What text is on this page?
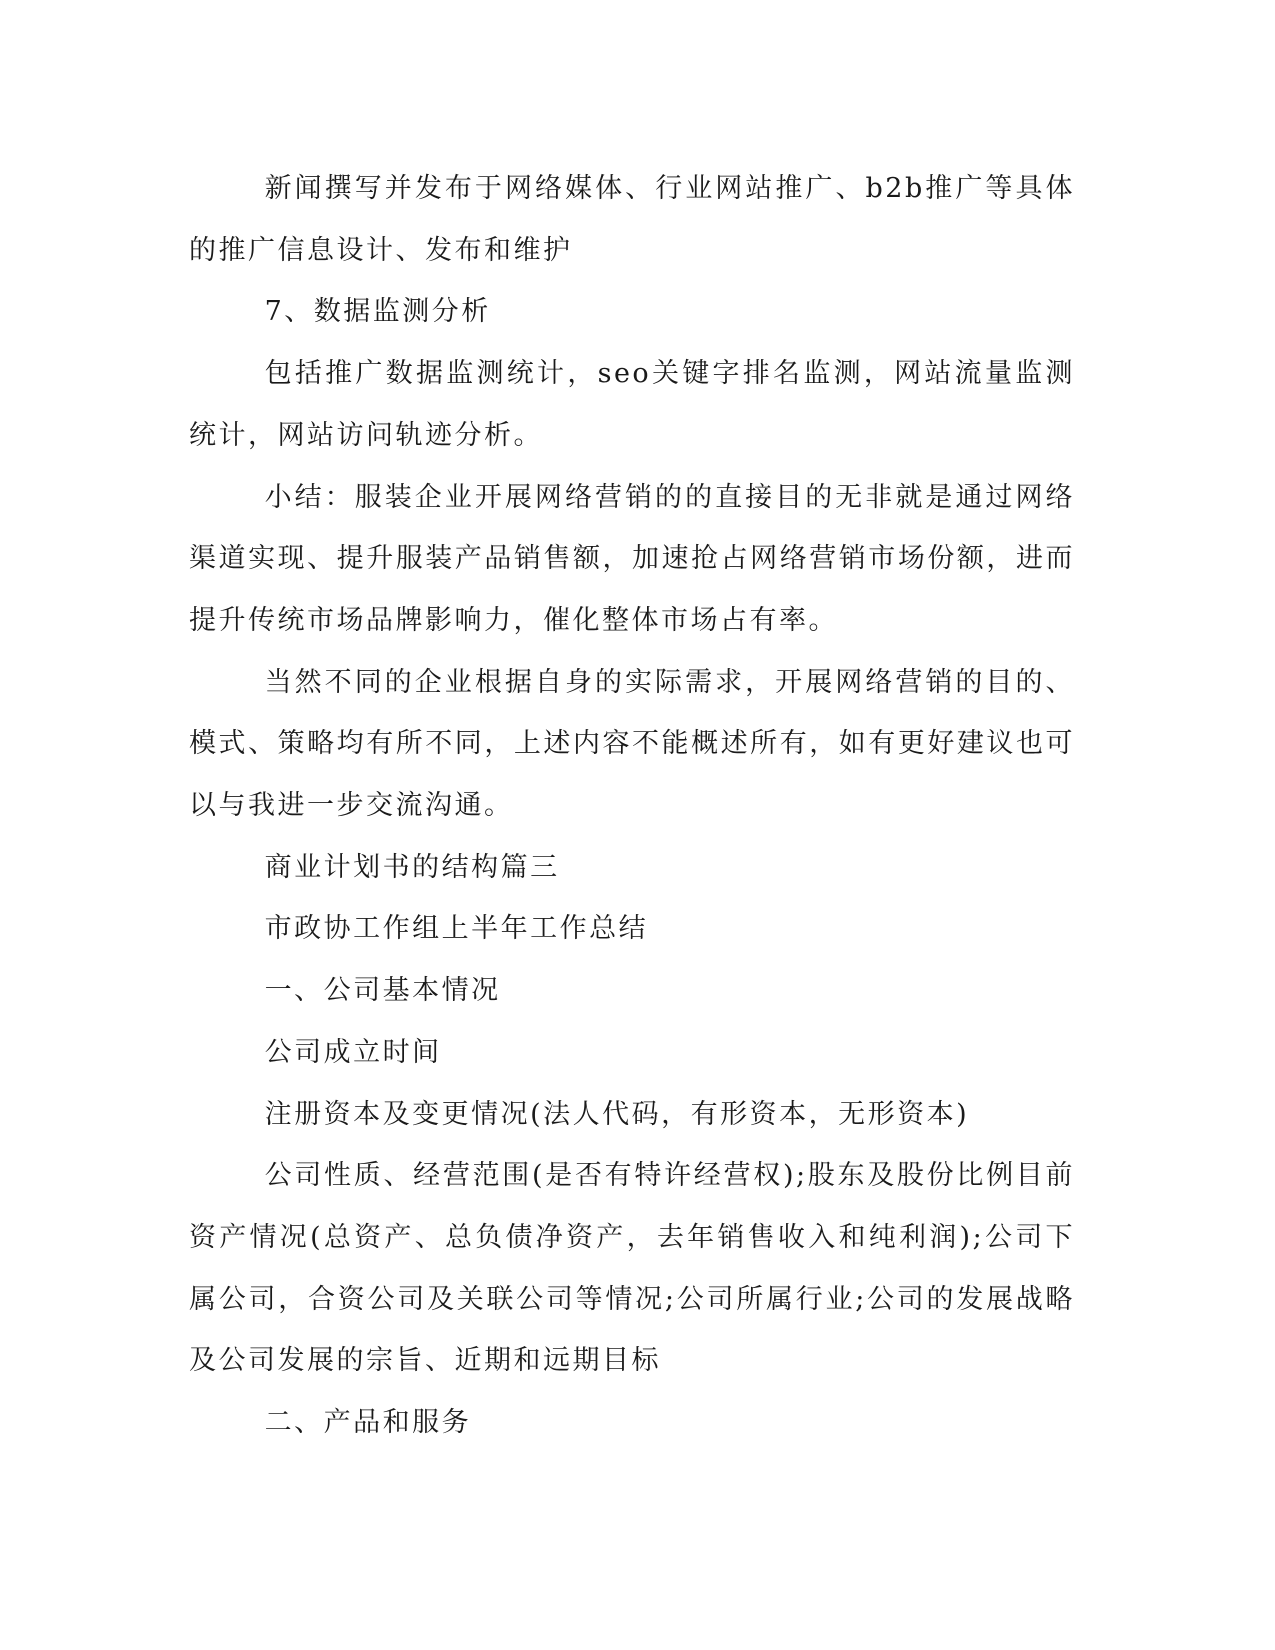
新闻撰写并发布于网络媒体、行业网站推广、b2b推广等具体的推广信息设计、发布和维护

7、数据监测分析

包括推广数据监测统计，seo关键字排名监测，网站流量监测统计，网站访问轨迹分析。

小结：服装企业开展网络营销的的直接目的无非就是通过网络渠道实现、提升服装产品销售额，加速抢占网络营销市场份额，进而提升传统市场品牌影响力，催化整体市场占有率。

当然不同的企业根据自身的实际需求，开展网络营销的目的、模式、策略均有所不同，上述内容不能概述所有，如有更好建议也可以与我进一步交流沟通。

商业计划书的结构篇三

市政协工作组上半年工作总结

一、公司基本情况

公司成立时间

注册资本及变更情况(法人代码，有形资本，无形资本)

公司性质、经营范围(是否有特许经营权);股东及股份比例目前资产情况(总资产、总负债净资产，去年销售收入和纯利润);公司下属公司，合资公司及关联公司等情况;公司所属行业;公司的发展战略及公司发展的宗旨、近期和远期目标

二、产品和服务
